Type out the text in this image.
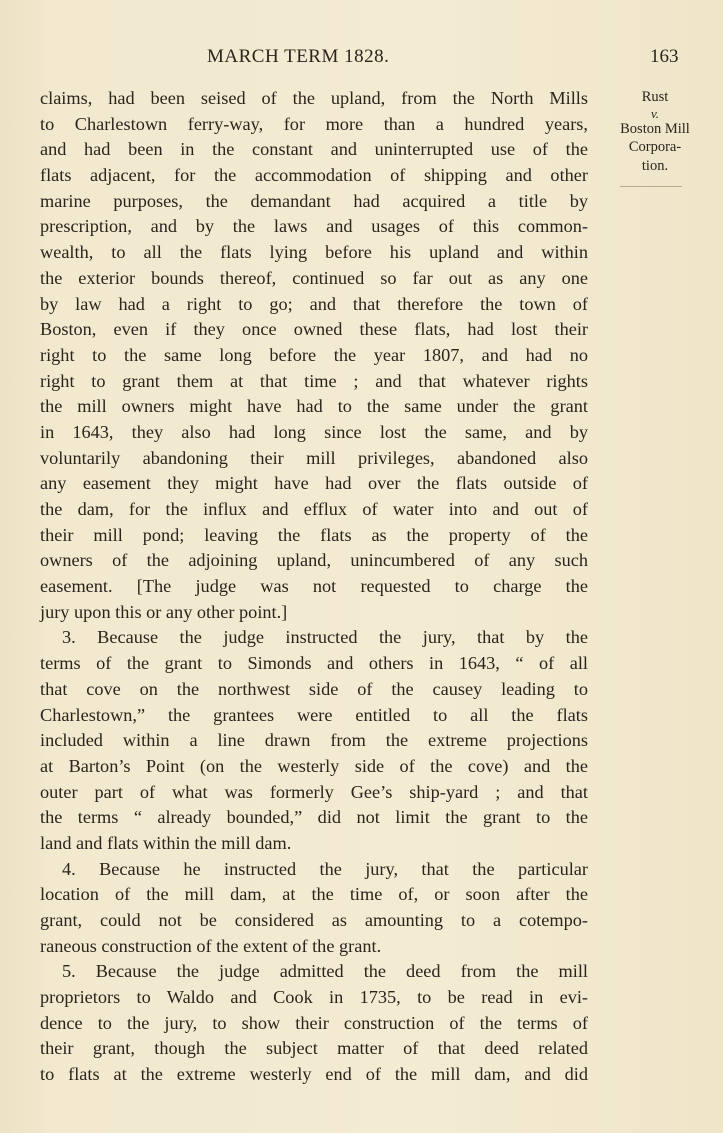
MARCH TERM 1828.	163
Rust
v.
Boston Mill
Corpora-
tion.
claims, had been seised of the upland, from the North Mills
to Charlestown ferry-way, for more than a hundred years,
and had been in the constant and uninterrupted use of the
flats adjacent, for the accommodation of shipping and other
marine purposes, the demandant had acquired a title by
prescription, and by the laws and usages of this common-
wealth, to all the flats lying before his upland and within
the exterior bounds thereof, continued so far out as any one
by law had a right to go; and that therefore the town of
Boston, even if they once owned these flats, had lost their
right to the same long before the year 1807, and had no
right to grant them at that time ; and that whatever rights
the mill owners might have had to the same under the grant
in 1643, they also had long since lost the same, and by
voluntarily abandoning their mill privileges, abandoned also
any easement they might have had over the flats outside of
the dam, for the influx and efflux of water into and out of
their mill pond; leaving the flats as the property of the
owners of the adjoining upland, unincumbered of any such
easement. [The judge was not requested to charge the
jury upon this or any other point.]
3. Because the judge instructed the jury, that by the
terms of the grant to Simonds and others in 1643, “ of all
that cove on the northwest side of the causey leading to
Charlestown,” the grantees were entitled to all the flats
included within a line drawn from the extreme projections
at Barton’s Point (on the westerly side of the cove) and the
outer part of what was formerly Gee’s ship-yard ; and that
the terms “ already bounded,” did not limit the grant to the
land and flats within the mill dam.
4. Because he instructed the jury, that the particular
location of the mill dam, at the time of, or soon after the
grant, could not be considered as amounting to a cotempo-
raneous construction of the extent of the grant.
5. Because the judge admitted the deed from the mill
proprietors to Waldo and Cook in 1735, to be read in evi-
dence to the jury, to show their construction of the terms of
their grant, though the subject matter of that deed related
to flats at the extreme westerly end of the mill dam, and did
